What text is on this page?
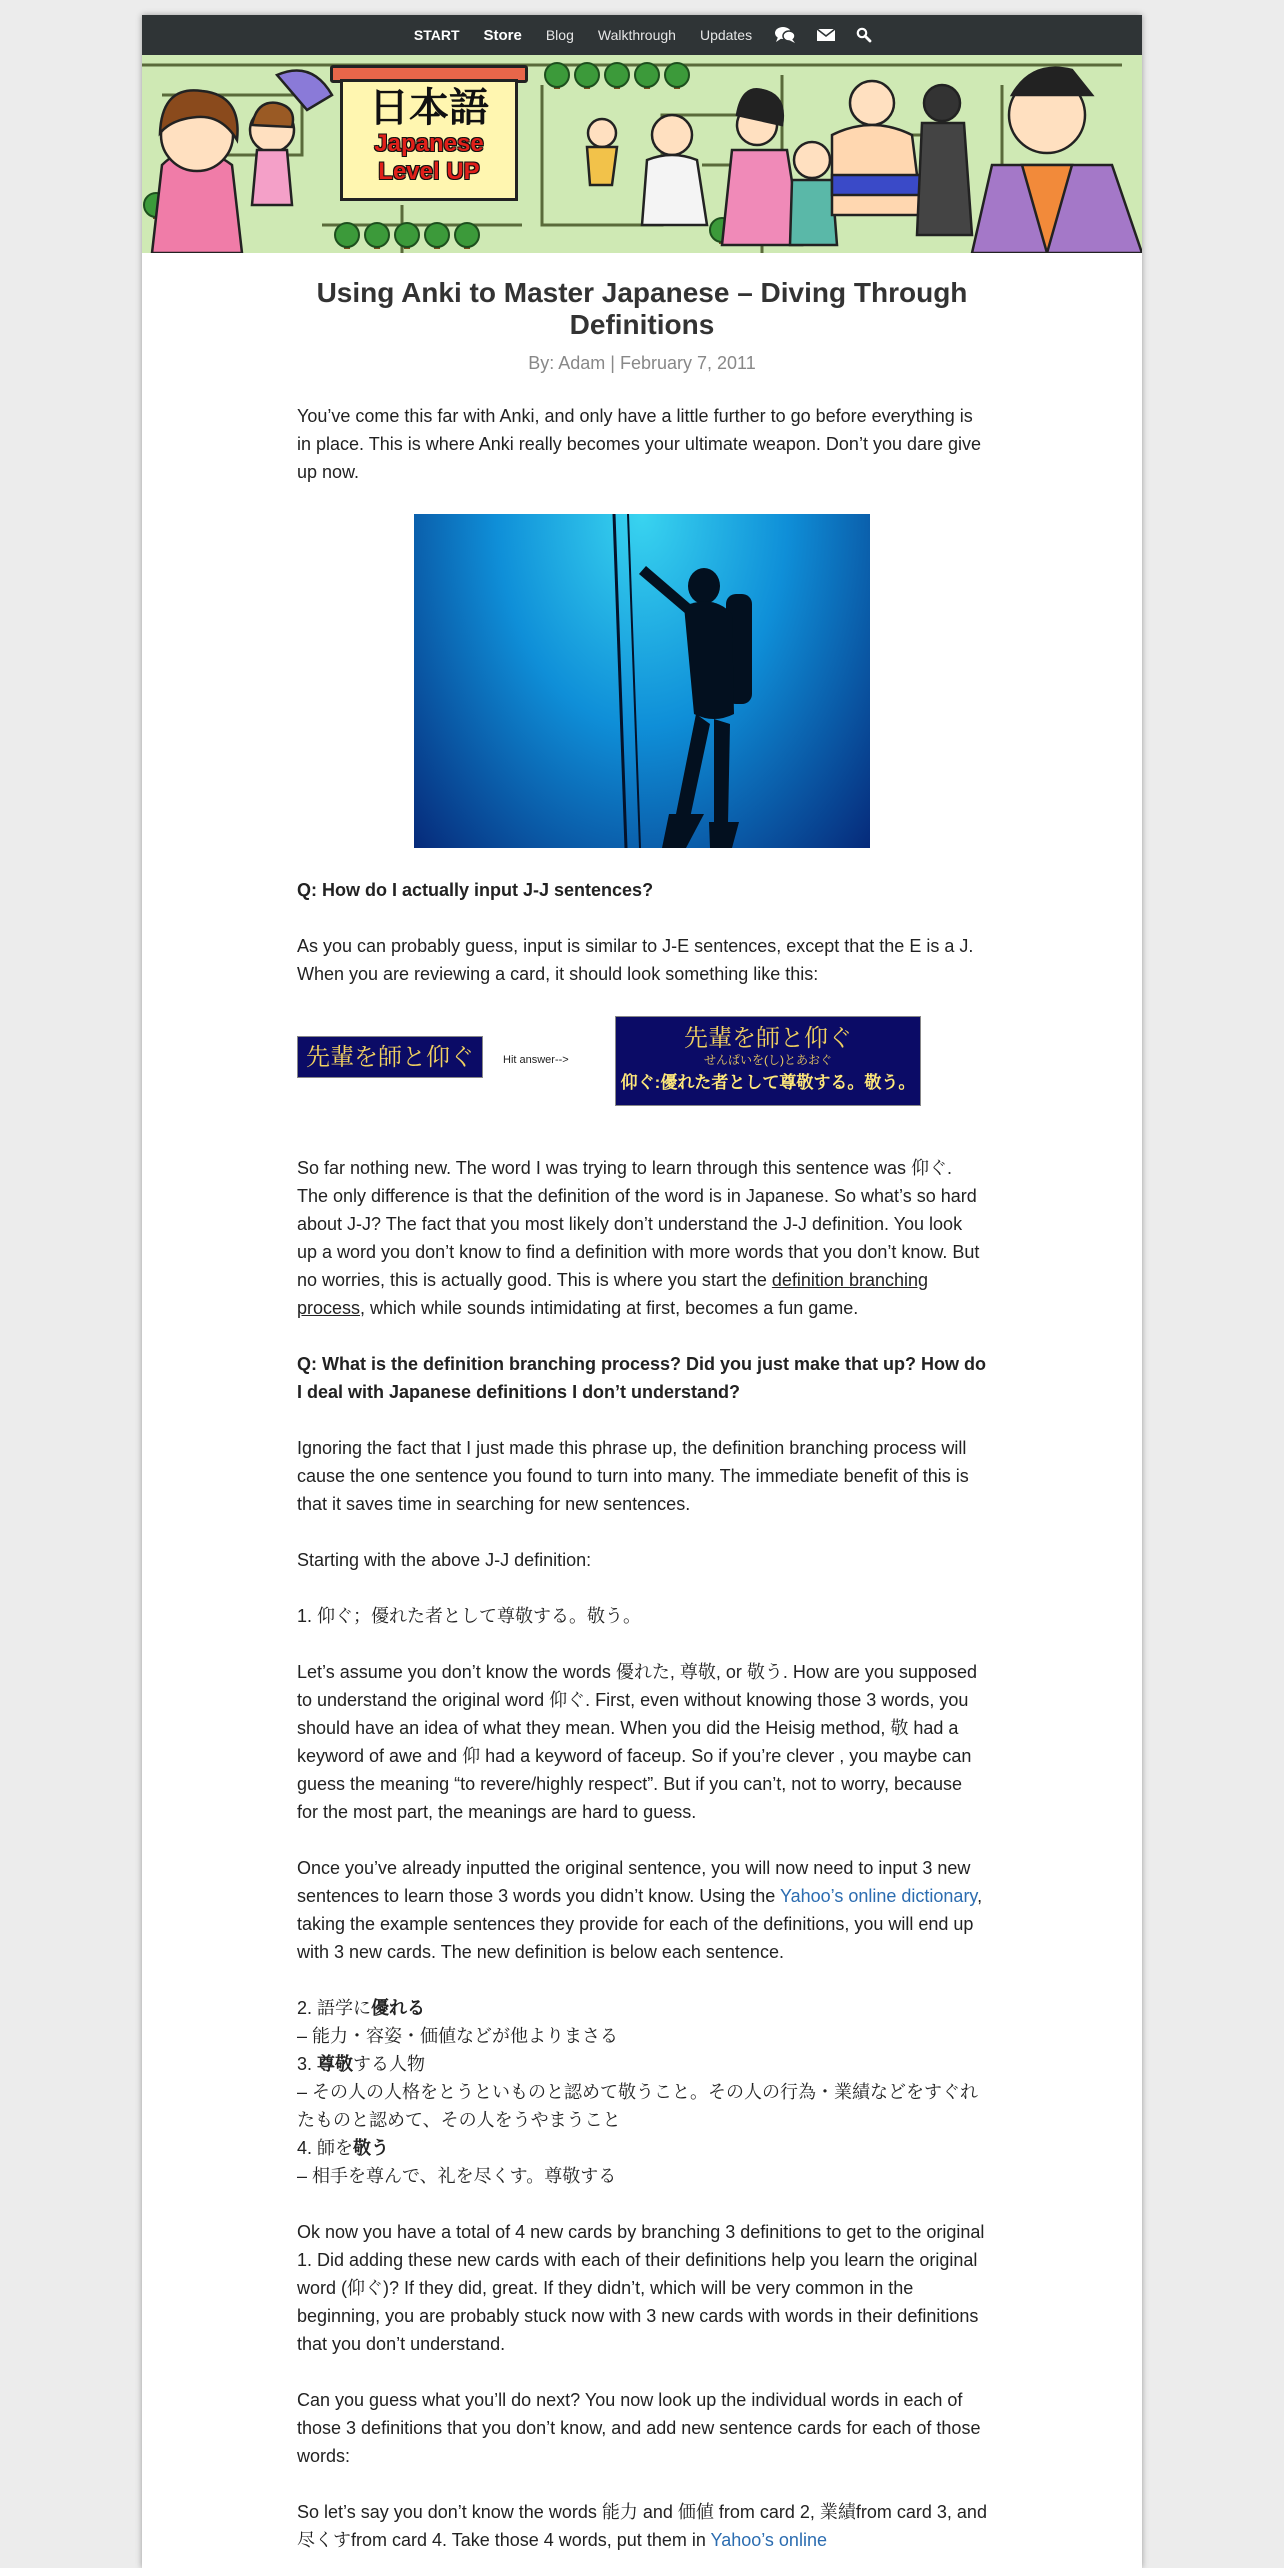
START	Store	Blog	Walkthrough	Updates
日本語
Japanese
Level UP
Using Anki to Master Japanese – Diving Through Definitions
By: Adam | February 7, 2011

You’ve come this far with Anki, and only have a little further to go before everything is in place. This is where Anki really becomes your ultimate weapon. Don’t you dare give up now.

Q: How do I actually input J-J sentences?

As you can probably guess, input is similar to J-E sentences, except that the E is a J. When you are reviewing a card, it should look something like this:

先輩を師と仰ぐ	Hit answer-->
先輩を師と仰ぐ
せんぱいを(し)とあおぐ
仰ぐ:優れた者として尊敬する。敬う。

So far nothing new. The word I was trying to learn through this sentence was 仰ぐ. The only difference is that the definition of the word is in Japanese. So what’s so hard about J-J? The fact that you most likely don’t understand the J-J definition. You look up a word you don’t know to find a definition with more words that you don’t know. But no worries, this is actually good. This is where you start the definition branching process, which while sounds intimidating at first, becomes a fun game.

Q: What is the definition branching process? Did you just make that up? How do I deal with Japanese definitions I don’t understand?

Ignoring the fact that I just made this phrase up, the definition branching process will cause the one sentence you found to turn into many. The immediate benefit of this is that it saves time in searching for new sentences.

Starting with the above J-J definition:

1. 仰ぐ；優れた者として尊敬する。敬う。

Let’s assume you don’t know the words 優れた, 尊敬, or 敬う. How are you supposed to understand the original word 仰ぐ. First, even without knowing those 3 words, you should have an idea of what they mean. When you did the Heisig method, 敬 had a keyword of awe and 仰 had a keyword of faceup. So if you’re clever , you maybe can guess the meaning “to revere/highly respect”. But if you can’t, not to worry, because for the most part, the meanings are hard to guess.

Once you’ve already inputted the original sentence, you will now need to input 3 new sentences to learn those 3 words you didn’t know. Using the Yahoo’s online dictionary, taking the example sentences they provide for each of the definitions, you will end up with 3 new cards. The new definition is below each sentence.

2. 語学に優れる
– 能力・容姿・価値などが他よりまさる
3. 尊敬する人物
– その人の人格をとうといものと認めて敬うこと。その人の行為・業績などをすぐれたものと認めて、その人をうやまうこと
4. 師を敬う
– 相手を尊んで、礼を尽くす。尊敬する

Ok now you have a total of 4 new cards by branching 3 definitions to get to the original 1. Did adding these new cards with each of their definitions help you learn the original word (仰ぐ)? If they did, great. If they didn’t, which will be very common in the beginning, you are probably stuck now with 3 new cards with words in their definitions that you don’t understand.

Can you guess what you’ll do next? You now look up the individual words in each of those 3 definitions that you don’t know, and add new sentence cards for each of those words:

So let’s say you don’t know the words 能力 and 価値 from card 2, 業績from card 3, and尽くすfrom card 4. Take those 4 words, put them in Yahoo’s online
